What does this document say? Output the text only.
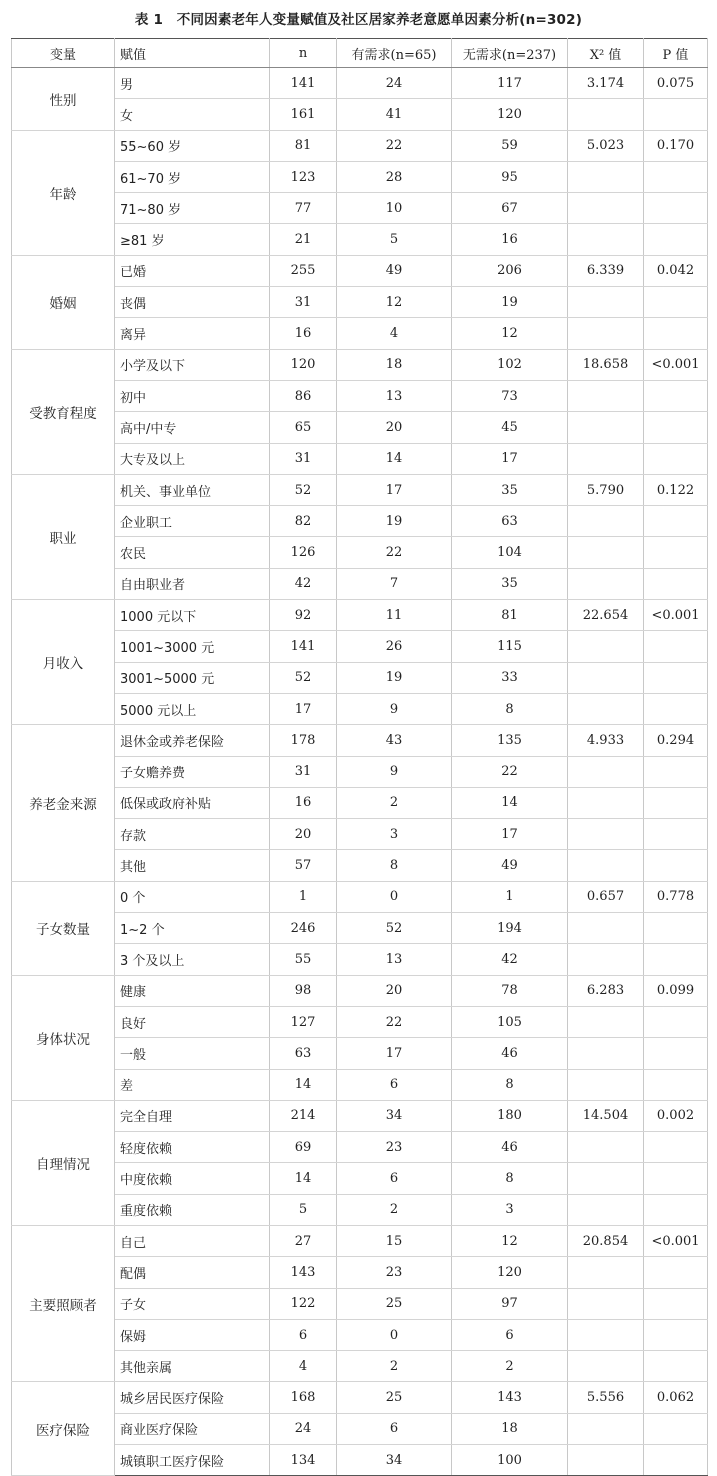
表 1　不同因素老年人变量赋值及社区居家养老意愿单因素分析(n=302)
变量	赋值	n	有需求(n=65)	无需求(n=237)	X² 值	P 值
性别	男	141	24	117	3.174	0.075
	女	161	41	120		
年龄	55~60 岁	81	22	59	5.023	0.170
	61~70 岁	123	28	95		
	71~80 岁	77	10	67		
	≥81 岁	21	5	16		
婚姻	已婚	255	49	206	6.339	0.042
	丧偶	31	12	19		
	离异	16	4	12		
受教育程度	小学及以下	120	18	102	18.658	<0.001
	初中	86	13	73		
	高中/中专	65	20	45		
	大专及以上	31	14	17		
职业	机关、事业单位	52	17	35	5.790	0.122
	企业职工	82	19	63		
	农民	126	22	104		
	自由职业者	42	7	35		
月收入	1000 元以下	92	11	81	22.654	<0.001
	1001~3000 元	141	26	115		
	3001~5000 元	52	19	33		
	5000 元以上	17	9	8		
养老金来源	退休金或养老保险	178	43	135	4.933	0.294
	子女赡养费	31	9	22		
	低保或政府补贴	16	2	14		
	存款	20	3	17		
	其他	57	8	49		
子女数量	0 个	1	0	1	0.657	0.778
	1~2 个	246	52	194		
	3 个及以上	55	13	42		
身体状况	健康	98	20	78	6.283	0.099
	良好	127	22	105		
	一般	63	17	46		
	差	14	6	8		
自理情况	完全自理	214	34	180	14.504	0.002
	轻度依赖	69	23	46		
	中度依赖	14	6	8		
	重度依赖	5	2	3		
主要照顾者	自己	27	15	12	20.854	<0.001
	配偶	143	23	120		
	子女	122	25	97		
	保姆	6	0	6		
	其他亲属	4	2	2		
医疗保险	城乡居民医疗保险	168	25	143	5.556	0.062
	商业医疗保险	24	6	18		
	城镇职工医疗保险	134	34	100		
